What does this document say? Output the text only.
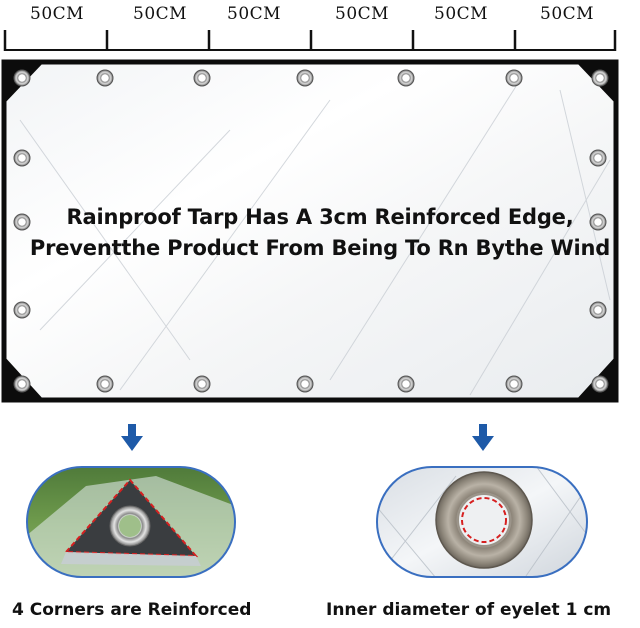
50CM	50CM 50CM	50CM	50CM	50CM
Rainproof Tarp Has A 3cm Reinforced Edge,
Preventthe Product From Being To Rn Bythe Wind
4 Corners are Reinforced	Inner diameter of eyelet 1 cm
